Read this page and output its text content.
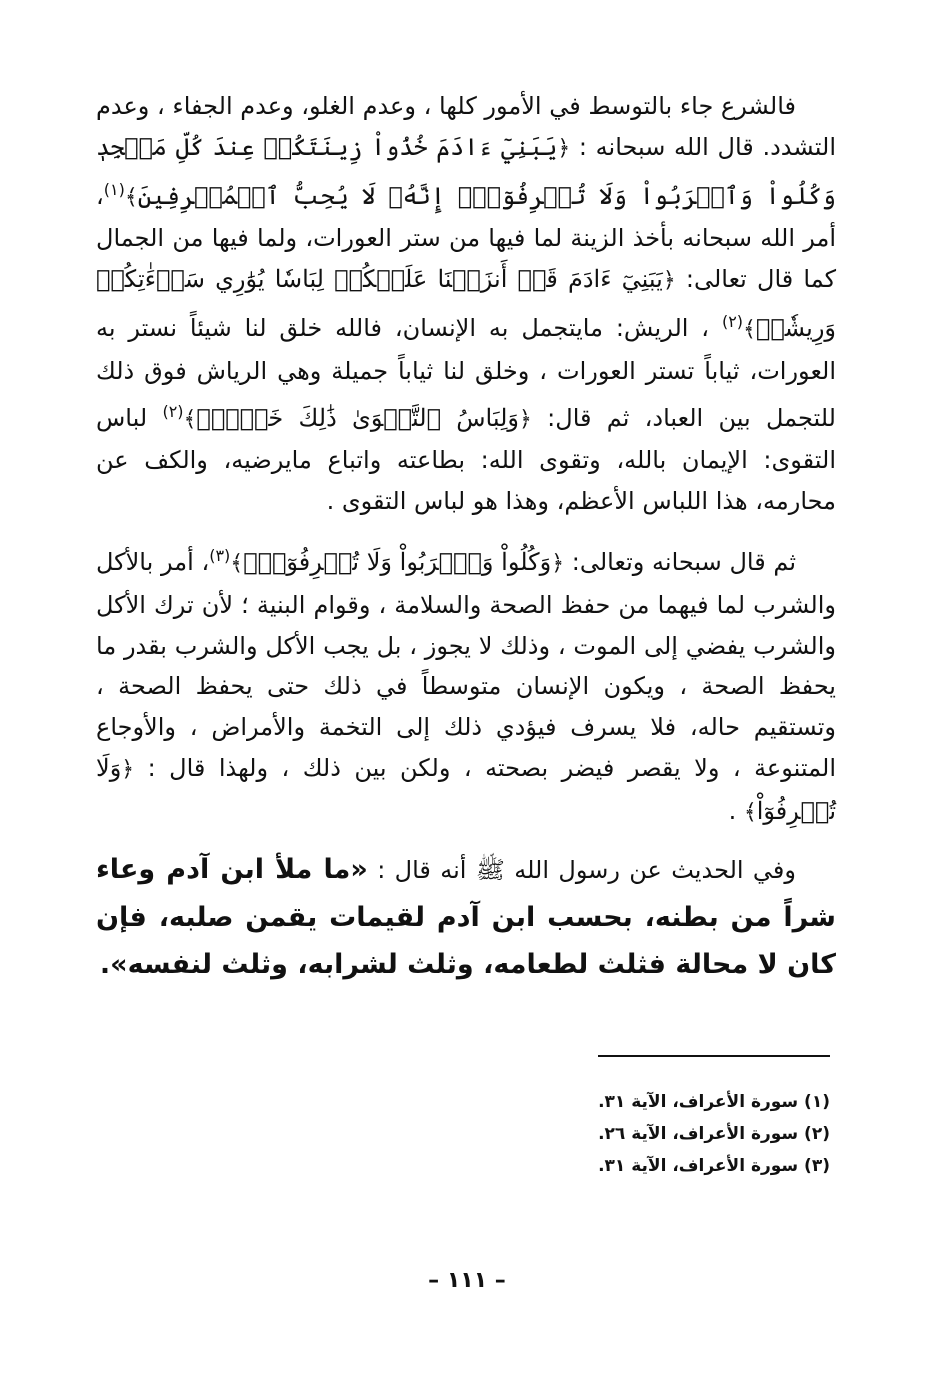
فالشرع جاء بالتوسط في الأمور كلها ، وعدم الغلو، وعدم الجفاء ، وعدم التشدد. قال الله سبحانه : ﴿يَبَنِيٓ ءَادَمَ خُذُواْ زِينَتَكُمۡ عِندَ كُلِّ مَسۡجِدٖ وَكُلُواْ وَٱشۡرَبُواْ وَلَا تُسۡرِفُوٓاْۚ إِنَّهُۥ لَا يُحِبُّ ٱلۡمُسۡرِفِينَ﴾$^{(١)}$، أمر الله سبحانه بأخذ الزينة لما فيها من ستر العورات، ولما فيها من الجمال كما قال تعالى: ﴿يَبَنِيٓ ءَادَمَ قَدۡ أَنزَلۡنَا عَلَيۡكُمۡ لِبَاسٗا يُوَٰرِي سَوۡءَٰتِكُمۡ وَرِيشٗاۖ﴾$^{(٢)}$ ، الريش: مايتجمل به الإنسان، فالله خلق لنا شيئاً نستر به العورات، ثياباً تستر العورات ، وخلق لنا ثياباً جميلة وهي الرياش فوق ذلك للتجمل بين العباد، ثم قال: ﴿وَلِبَاسُ ٱلتَّقۡوَىٰ ذَٰلِكَ خَيۡرٞۚ﴾$^{(٢)}$ لباس التقوى: الإيمان بالله، وتقوى الله: بطاعته واتباع مايرضيه، والكف عن محارمه، هذا اللباس الأعظم، وهذا هو لباس التقوى .

ثم قال سبحانه وتعالى: ﴿وَكُلُواْ وَٱشۡرَبُواْ وَلَا تُسۡرِفُوٓاْۚ﴾$^{(٣)}$، أمر بالأكل والشرب لما فيهما من حفظ الصحة والسلامة ، وقوام البنية ؛ لأن ترك الأكل والشرب يفضي إلى الموت ، وذلك لا يجوز ، بل يجب الأكل والشرب بقدر ما يحفظ الصحة ، ويكون الإنسان متوسطاً في ذلك حتى يحفظ الصحة ، وتستقيم حاله، فلا يسرف فيؤدي ذلك إلى التخمة والأمراض ، والأوجاع المتنوعة ، ولا يقصر فيضر بصحته ، ولكن بين ذلك ، ولهذا قال : ﴿وَلَا تُسۡرِفُوٓاْ﴾ .

وفي الحديث عن رسول الله ﷺ أنه قال : «ما ملأ ابن آدم وعاء شراً من بطنه، بحسب ابن آدم لقيمات يقمن صلبه، فإن كان لا محالة فثلث لطعامه، وثلث لشرابه، وثلث لنفسه».

(١) سورة الأعراف، الآية ٣١.
(٢) سورة الأعراف، الآية ٢٦.
(٣) سورة الأعراف، الآية ٣١.
– ١١١ –
